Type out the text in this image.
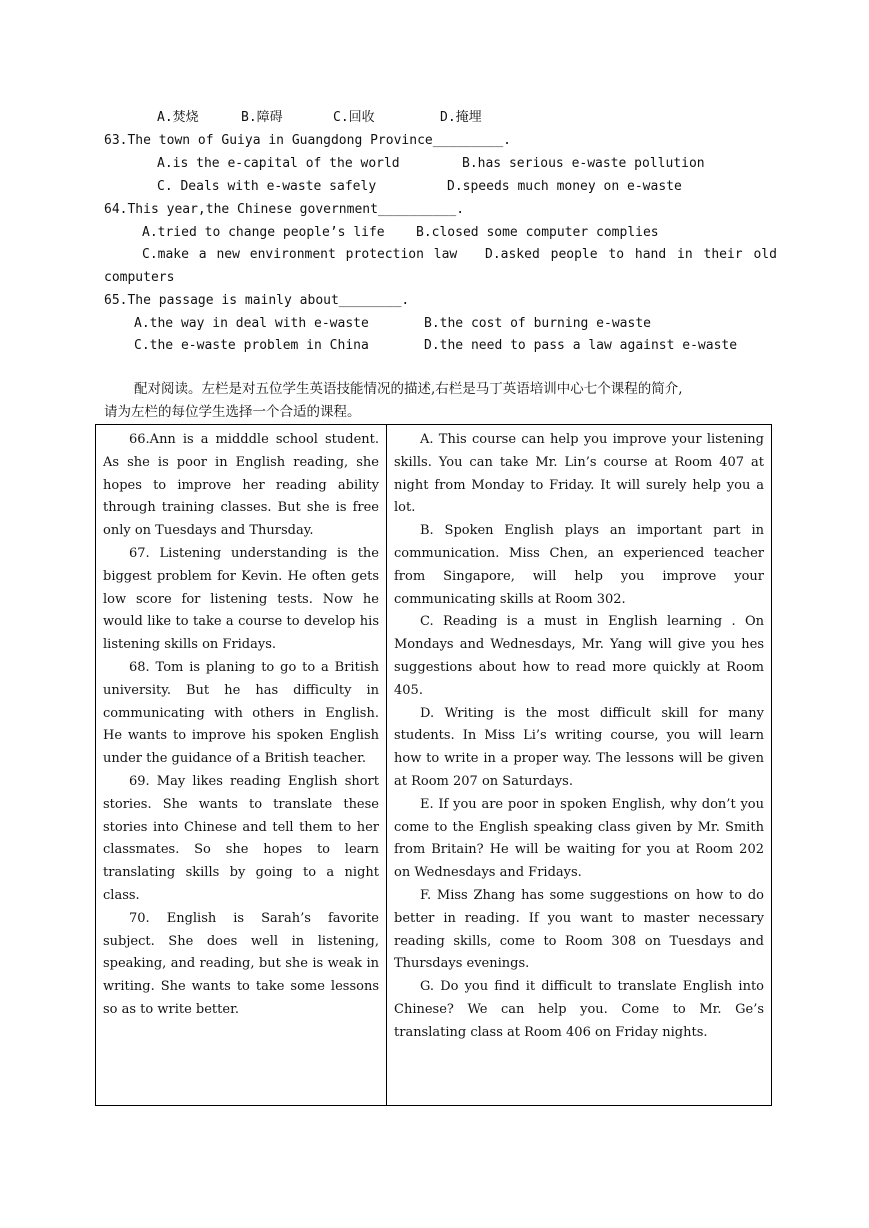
A.焚烧	B.障碍	C.回收	D.掩埋
63.The town of Guiya in Guangdong Province_________.
A.is the e-capital of the world	B.has serious e-waste pollution
C. Deals with e-waste safely	D.speeds much money on e-waste
64.This year,the Chinese government__________.
A.tried to change people’s life B.closed some computer complies
C.make a new environment protection law D.asked people to hand in their old
computers
65.The passage is mainly about________.
A.the way in deal with e-waste	B.the cost of burning e-waste
C.the e-waste problem in China	D.the need to pass a law against e-waste

配对阅读。左栏是对五位学生英语技能情况的描述,右栏是马丁英语培训中心七个课程的简介,

请为左栏的每位学生选择一个合适的课程。

66.Ann is a midddle school student. As she is poor in English reading, she hopes to improve her reading ability through training classes. But she is free only on Tuesdays and Thursday.

67. Listening understanding is the biggest problem for Kevin. He often gets low score for listening tests. Now he would like to take a course to develop his listening skills on Fridays.

68. Tom is planing to go to a British university. But he has difficulty in communicating with others in English. He wants to improve his spoken English under the guidance of a British teacher.

69. May likes reading English short stories. She wants to translate these stories into Chinese and tell them to her classmates. So she hopes to learn translating skills by going to a night class.

70. English is Sarah’s favorite subject. She does well in listening, speaking, and reading, but she is weak in writing. She wants to take some lessons so as to write better.

A. This course can help you improve your listening skills. You can take Mr. Lin’s course at Room 407 at night from Monday to Friday. It will surely help you a lot.

B. Spoken English plays an important part in communication. Miss Chen, an experienced teacher from Singapore, will help you improve your communicating skills at Room 302.

C. Reading is a must in English learning . On Mondays and Wednesdays, Mr. Yang will give you hes suggestions about how to read more quickly at Room 405.

D. Writing is the most difficult skill for many students. In Miss Li’s writing course, you will learn how to write in a proper way. The lessons will be given at Room 207 on Saturdays.

E. If you are poor in spoken English, why don’t you come to the English speaking class given by Mr. Smith from Britain? He will be waiting for you at Room 202 on Wednesdays and Fridays.

F. Miss Zhang has some suggestions on how to do better in reading. If you want to master necessary reading skills, come to Room 308 on Tuesdays and Thursdays evenings.

G. Do you find it difficult to translate English into Chinese? We can help you. Come to Mr. Ge’s translating class at Room 406 on Friday nights.
